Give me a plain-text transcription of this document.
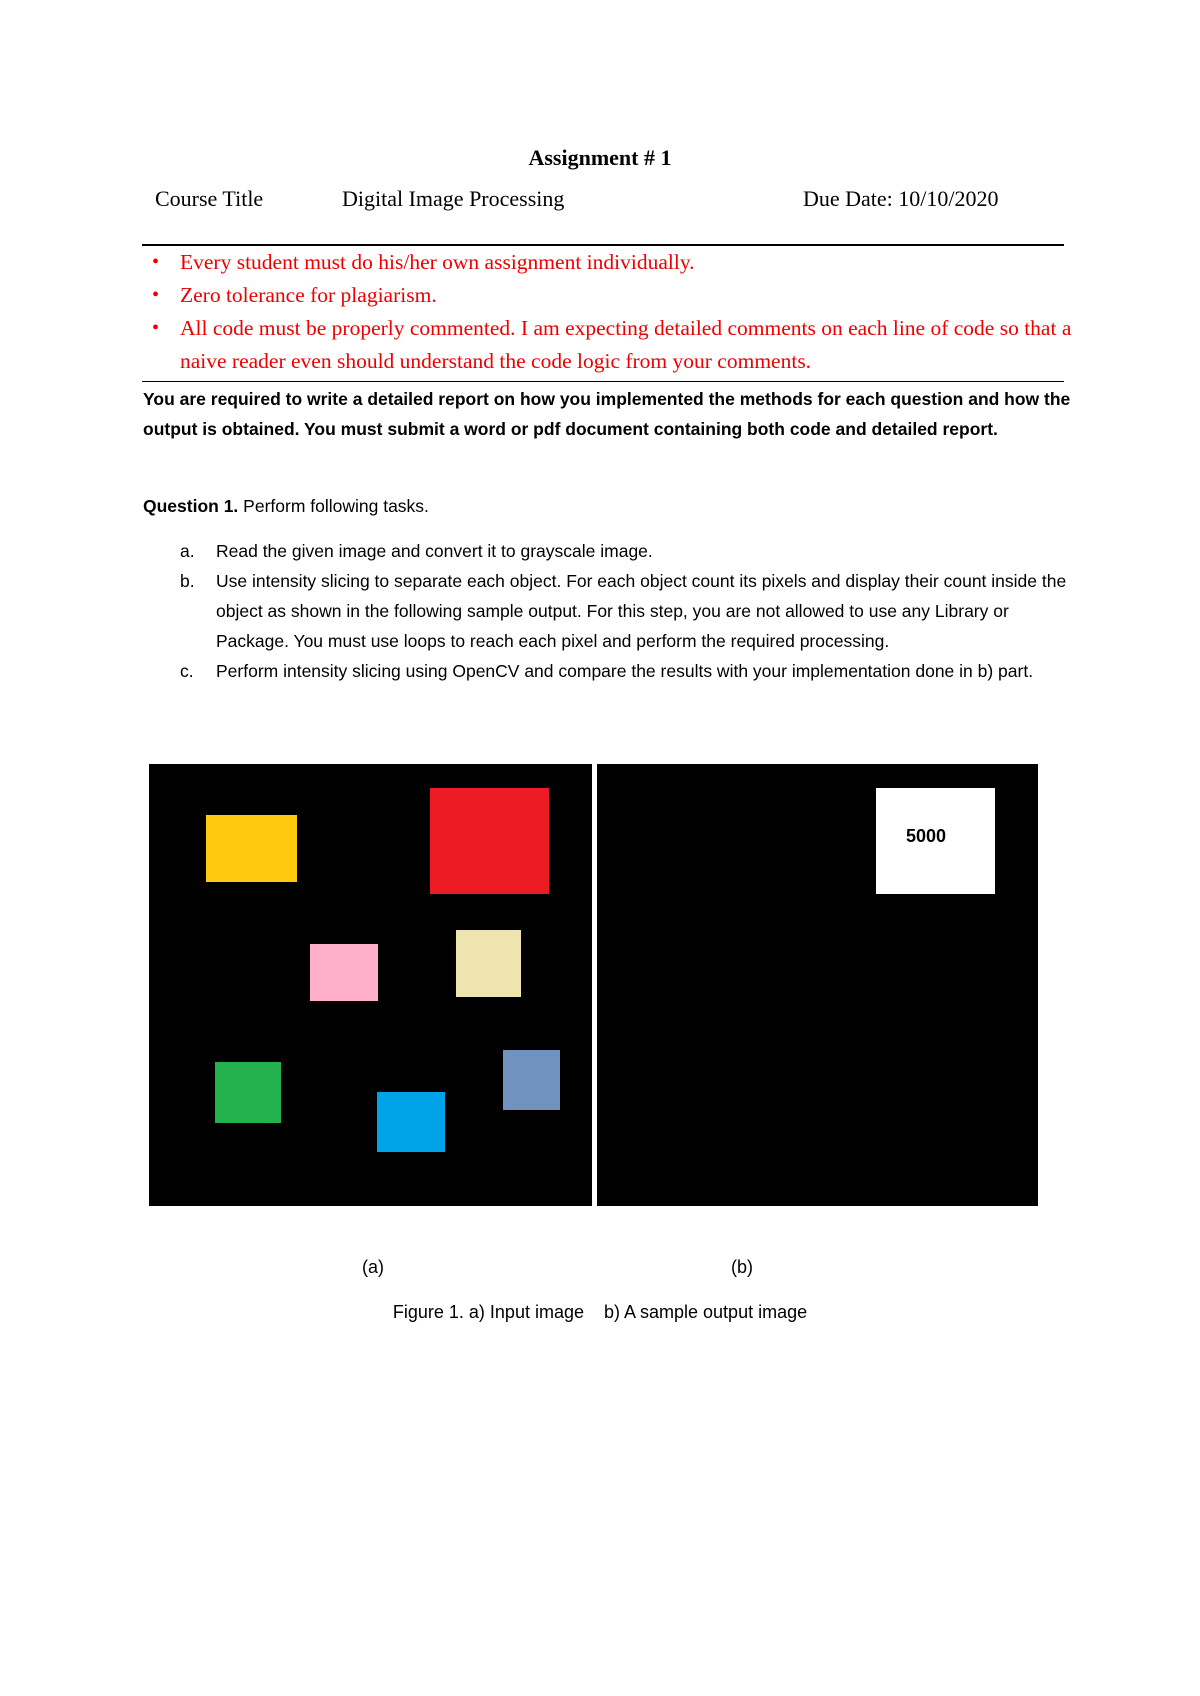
Assignment # 1
Course Title	Digital Image Processing	Due Date: 10/10/2020
• Every student must do his/her own assignment individually.
• Zero tolerance for plagiarism.
• All code must be properly commented. I am expecting detailed comments on each line of code so that a naive reader even should understand the code logic from your comments.
You are required to write a detailed report on how you implemented the methods for each question and how the output is obtained. You must submit a word or pdf document containing both code and detailed report.
Question 1. Perform following tasks.
a. Read the given image and convert it to grayscale image.
b. Use intensity slicing to separate each object. For each object count its pixels and display their count inside the object as shown in the following sample output. For this step, you are not allowed to use any Library or Package. You must use loops to reach each pixel and perform the required processing.
c. Perform intensity slicing using OpenCV and compare the results with your implementation done in b) part.
5000
(a)	(b)
Figure 1. a) Input image    b) A sample output image
